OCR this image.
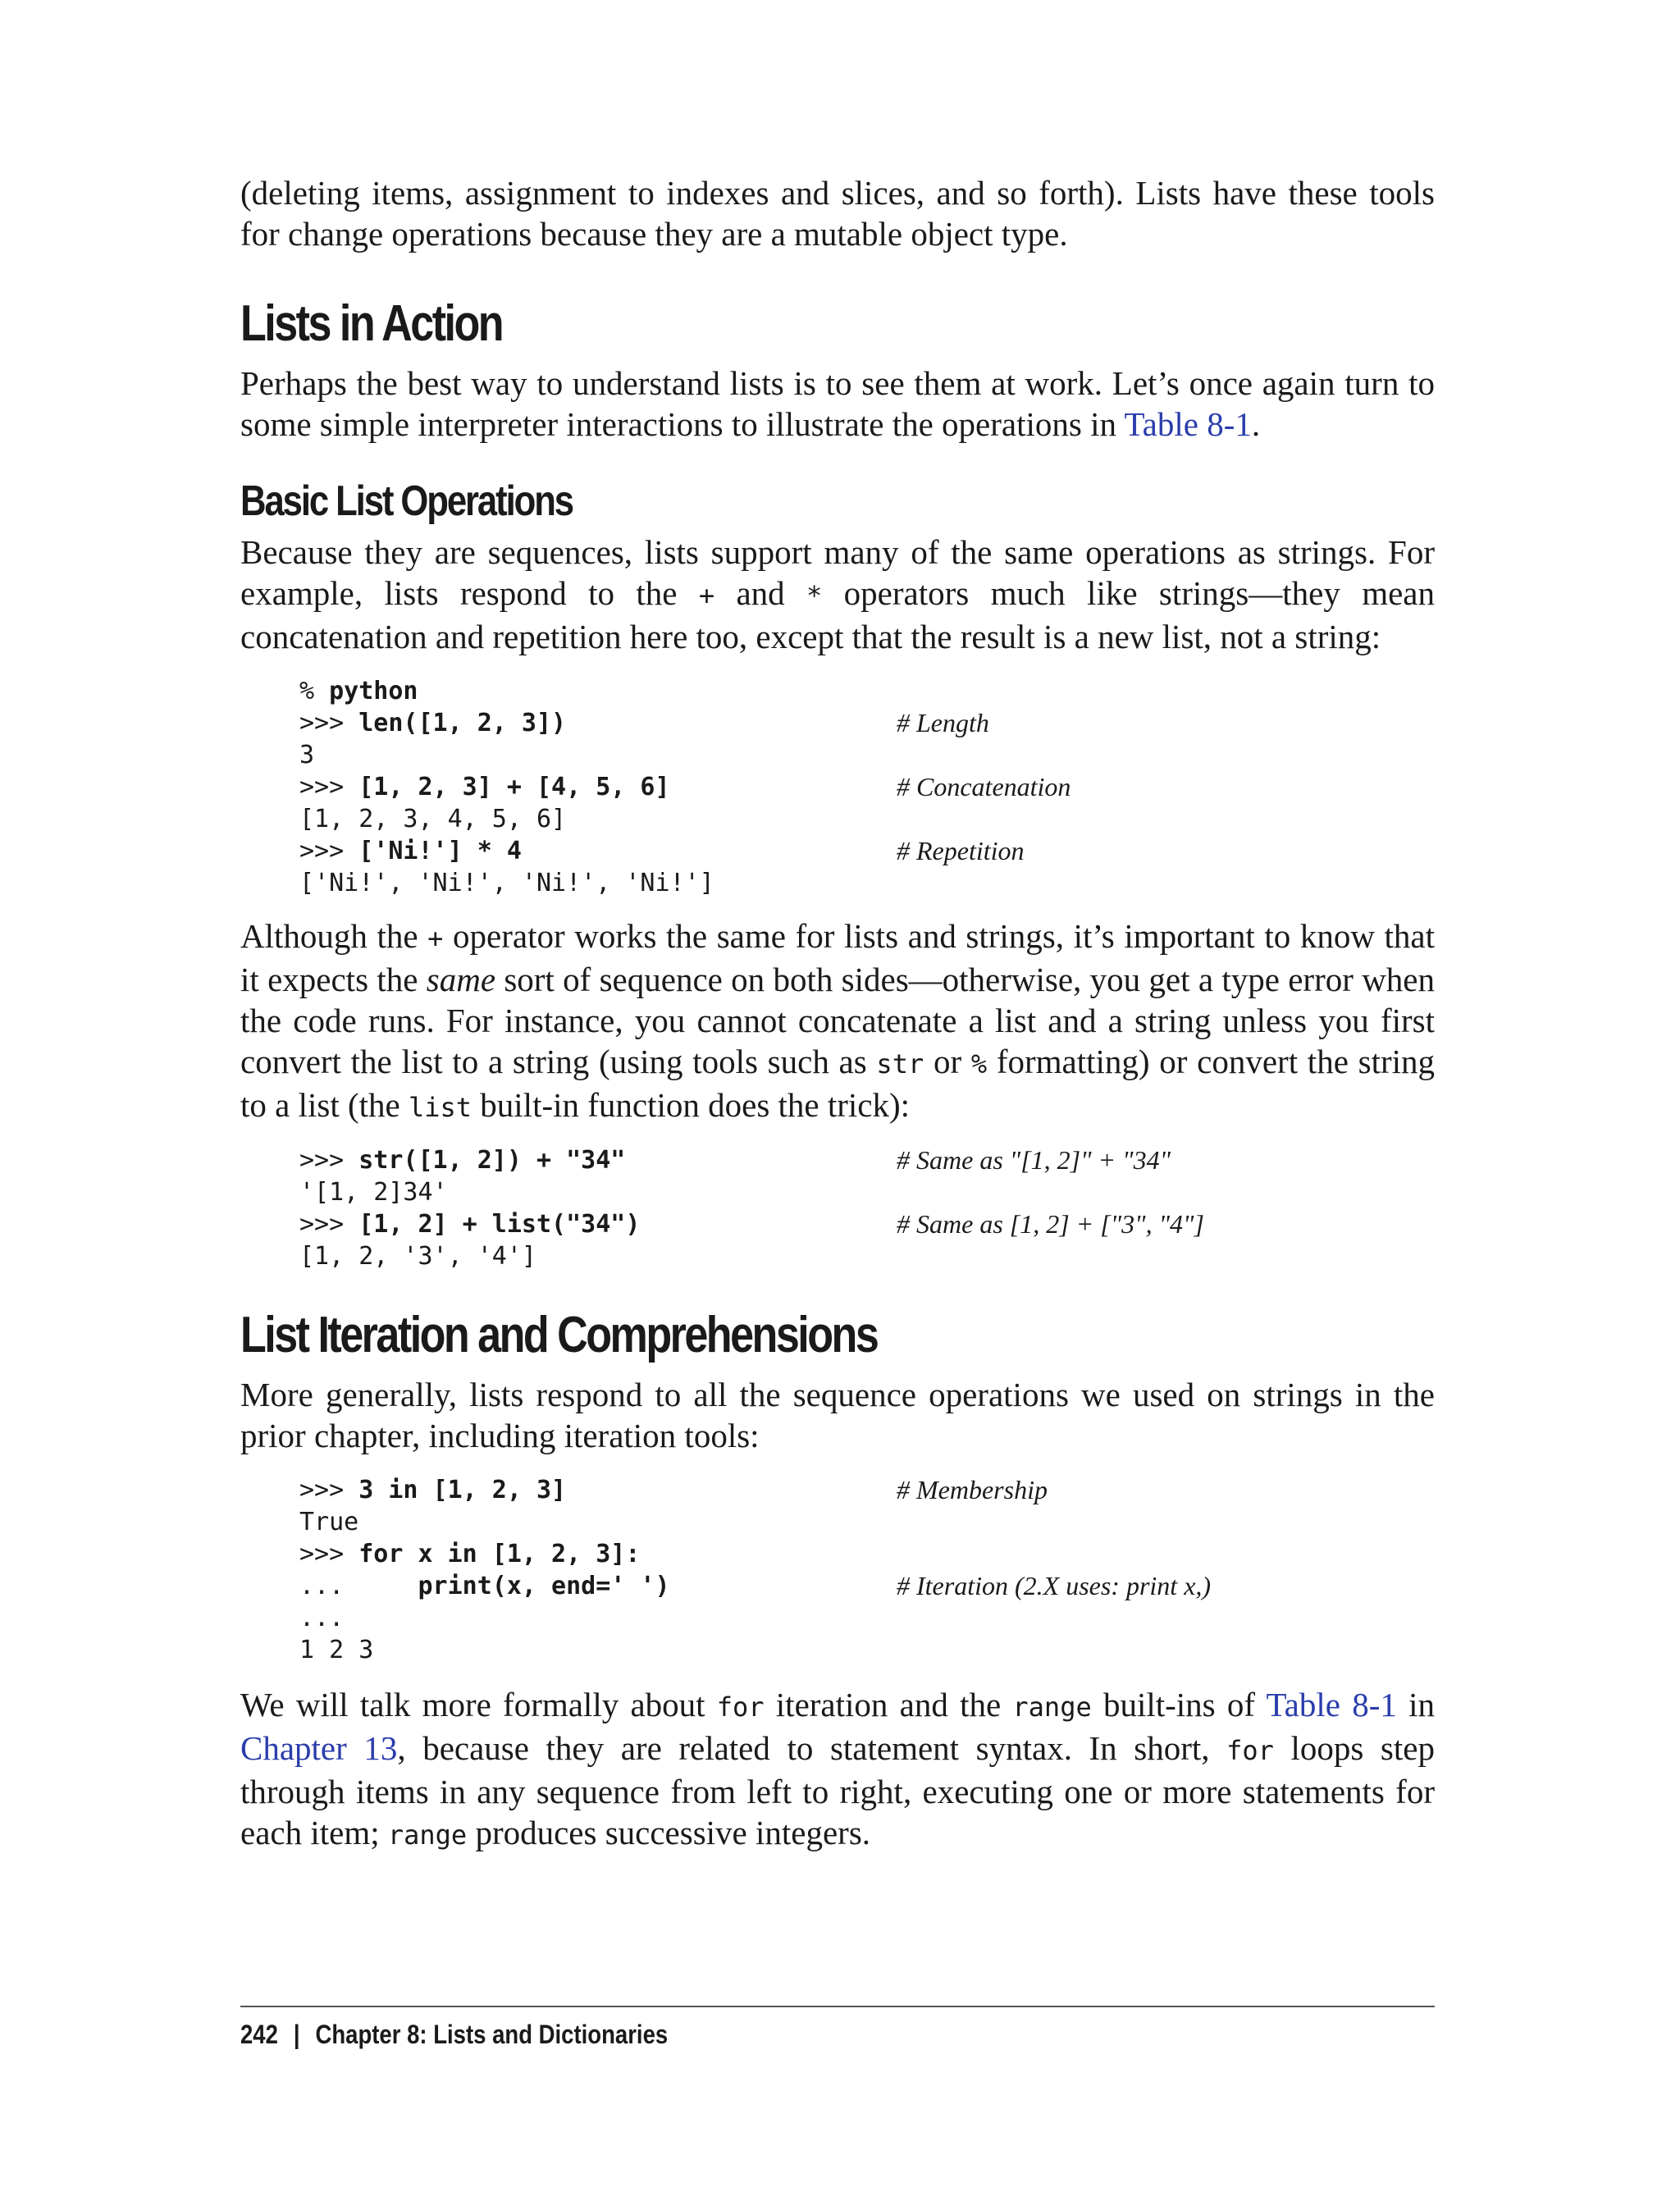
(deleting items, assignment to indexes and slices, and so forth). Lists have these tools for change operations because they are a mutable object type.

Lists in Action

Perhaps the best way to understand lists is to see them at work. Let’s once again turn to some simple interpreter interactions to illustrate the operations in Table 8-1.

Basic List Operations

Because they are sequences, lists support many of the same operations as strings. For example, lists respond to the + and * operators much like strings—they mean concatenation and repetition here too, except that the result is a new list, not a string:

% python
>>> len([1, 2, 3])	# Length
3
>>> [1, 2, 3] + [4, 5, 6]	# Concatenation
[1, 2, 3, 4, 5, 6]
>>> ['Ni!'] * 4	# Repetition
['Ni!', 'Ni!', 'Ni!', 'Ni!']

Although the + operator works the same for lists and strings, it’s important to know that it expects the same sort of sequence on both sides—otherwise, you get a type error when the code runs. For instance, you cannot concatenate a list and a string unless you first convert the list to a string (using tools such as str or % formatting) or convert the string to a list (the list built-in function does the trick):

>>> str([1, 2]) + "34"	# Same as "[1, 2]" + "34"
'[1, 2]34'
>>> [1, 2] + list("34")	# Same as [1, 2] + ["3", "4"]
[1, 2, '3', '4']
List Iteration and Comprehensions

More generally, lists respond to all the sequence operations we used on strings in the prior chapter, including iteration tools:

>>> 3 in [1, 2, 3]	# Membership
True
>>> for x in [1, 2, 3]:
...     print(x, end=' ')	# Iteration (2.X uses: print x,)
...
1 2 3

We will talk more formally about for iteration and the range built-ins of Table 8-1 in Chapter 13, because they are related to statement syntax. In short, for loops step through items in any sequence from left to right, executing one or more statements for each item; range produces successive integers.

242 | Chapter 8: Lists and Dictionaries
